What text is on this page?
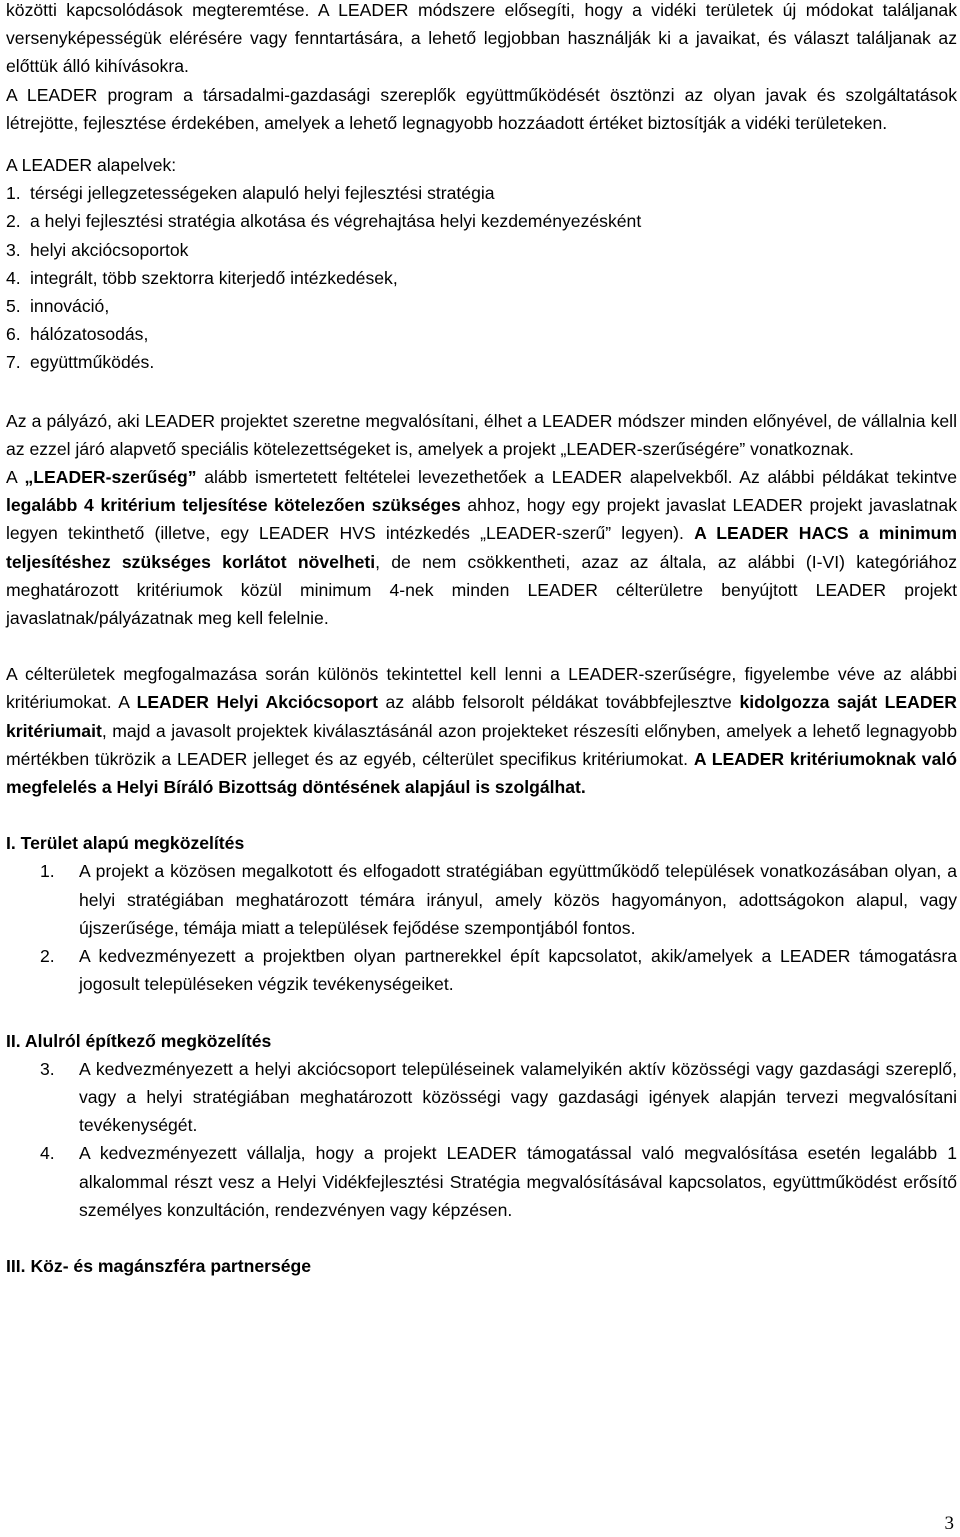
közötti kapcsolódások megteremtése. A LEADER módszere elősegíti, hogy a vidéki területek új módokat találjanak versenyképességük elérésére vagy fenntartására, a lehető legjobban használják ki a javaikat, és választ találjanak az előttük álló kihívásokra.

A LEADER program a társadalmi-gazdasági szereplők együttműködését ösztönzi az olyan javak és szolgáltatások létrejötte, fejlesztése érdekében, amelyek a lehető legnagyobb hozzáadott értéket biztosítják a vidéki területeken.

A LEADER alapelvek:

1. térségi jellegzetességeken alapuló helyi fejlesztési stratégia
2. a helyi fejlesztési stratégia alkotása és végrehajtása helyi kezdeményezésként
3. helyi akciócsoportok
4. integrált, több szektorra kiterjedő intézkedések,
5. innováció,
6. hálózatosodás,
7. együttműködés.

Az a pályázó, aki LEADER projektet szeretne megvalósítani, élhet a LEADER módszer minden előnyével, de vállalnia kell az ezzel járó alapvető speciális kötelezettségeket is, amelyek a projekt „LEADER-szerűségére” vonatkoznak.

A „LEADER-szerűség” alább ismertetett feltételei levezethetőek a LEADER alapelvekből. Az alábbi példákat tekintve legalább 4 kritérium teljesítése kötelezően szükséges ahhoz, hogy egy projekt javaslat LEADER projekt javaslatnak legyen tekinthető (illetve, egy LEADER HVS intézkedés „LEADER-szerű” legyen). A LEADER HACS a minimum teljesítéshez szükséges korlátot növelheti, de nem csökkentheti, azaz az általa, az alábbi (I-VI) kategóriához meghatározott kritériumok közül minimum 4-nek minden LEADER célterületre benyújtott LEADER projekt javaslatnak/pályázatnak meg kell felelnie.

A célterületek megfogalmazása során különös tekintettel kell lenni a LEADER-szerűségre, figyelembe véve az alábbi kritériumokat. A LEADER Helyi Akciócsoport az alább felsorolt példákat továbbfejlesztve kidolgozza saját LEADER kritériumait, majd a javasolt projektek kiválasztásánál azon projekteket részesíti előnyben, amelyek a lehető legnagyobb mértékben tükrözik a LEADER jelleget és az egyéb, célterület specifikus kritériumokat. A LEADER kritériumoknak való megfelelés a Helyi Bíráló Bizottság döntésének alapjául is szolgálhat.

I. Terület alapú megközelítés

1. A projekt a közösen megalkotott és elfogadott stratégiában együttműködő települések vonatkozásában olyan, a helyi stratégiában meghatározott témára irányul, amely közös hagyományon, adottságokon alapul, vagy újszerűsége, témája miatt a települések fejődése szempontjából fontos.
2. A kedvezményezett a projektben olyan partnerekkel épít kapcsolatot, akik/amelyek a LEADER támogatásra jogosult településeken végzik tevékenységeiket.

II. Alulról építkező megközelítés

3. A kedvezményezett a helyi akciócsoport településeinek valamelyikén aktív közösségi vagy gazdasági szereplő, vagy a helyi stratégiában meghatározott közösségi vagy gazdasági igények alapján tervezi megvalósítani tevékenységét.
4. A kedvezményezett vállalja, hogy a projekt LEADER támogatással való megvalósítása esetén legalább 1 alkalommal részt vesz a Helyi Vidékfejlesztési Stratégia megvalósításával kapcsolatos, együttműködést erősítő személyes konzultáción, rendezvényen vagy képzésen.

III. Köz- és magánszféra partnersége

3
